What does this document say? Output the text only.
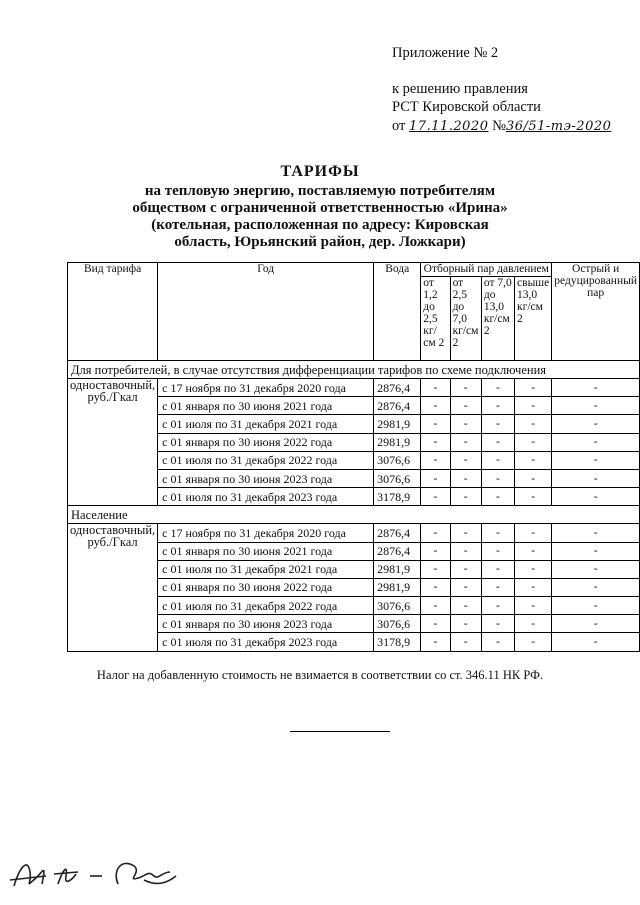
Приложение № 2
к решению правления
РСТ Кировской области
от 17.11.2020 №36/51-тэ-2020
ТАРИФЫ
на тепловую энергию, поставляемую потребителям
обществом с ограниченной ответственностью «Ирина»
(котельная, расположенная по адресу: Кировская
область, Юрьянский район, дер. Ложкари)
Вид тарифа	Год	Вода	Отборный пар давлением				Острый и редуцированный пар
			от 1,2 до 2,5 кг/см 2	от 2,5 до 7,0 кг/см 2	от 7,0 до 13,0 кг/см 2	свыше 13,0 кг/см 2	
Для потребителей, в случае отсутствия дифференциации тарифов по схеме подключения							
одноставочный, руб./Гкал	с 17 ноября по 31 декабря 2020 года	2876,4	-	-	-	-	-
	с 01 января по 30 июня 2021 года	2876,4	-	-	-	-	-
	с 01 июля по 31 декабря 2021 года	2981,9	-	-	-	-	-
	с 01 января по 30 июня 2022 года	2981,9	-	-	-	-	-
	с 01 июля по 31 декабря 2022 года	3076,6	-	-	-	-	-
	с 01 января по 30 июня 2023 года	3076,6	-	-	-	-	-
	с 01 июля по 31 декабря 2023 года	3178,9	-	-	-	-	-
Население							
одноставочный, руб./Гкал	с 17 ноября по 31 декабря 2020 года	2876,4	-	-	-	-	-
	с 01 января по 30 июня 2021 года	2876,4	-	-	-	-	-
	с 01 июля по 31 декабря 2021 года	2981,9	-	-	-	-	-
	с 01 января по 30 июня 2022 года	2981,9	-	-	-	-	-
	с 01 июля по 31 декабря 2022 года	3076,6	-	-	-	-	-
	с 01 января по 30 июня 2023 года	3076,6	-	-	-	-	-
	с 01 июля по 31 декабря 2023 года	3178,9	-	-	-	-	-
Налог на добавленную стоимость не взимается в соответствии со ст. 346.11 НК РФ.
